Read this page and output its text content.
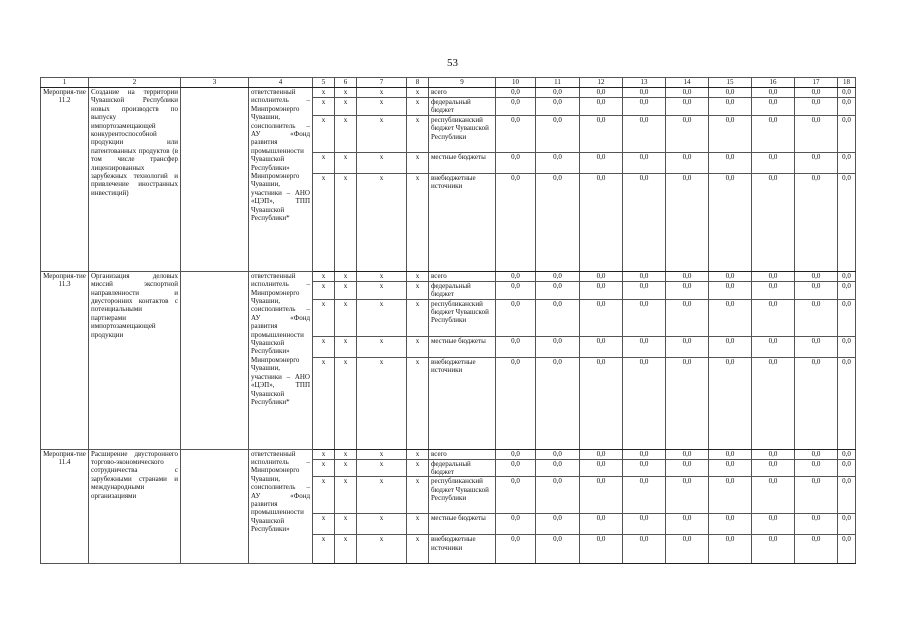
53
1	2	3	4	5	6	7	8	9	10	11	12	13	14	15	16	17	18
Мероприя-тие 11.2	Создание на территории Чувашской Республики новых производств по выпуску импортозамещающей конкурентоспособной продукции или патентованных продуктов (в том числе трансфер лицензированных зарубежных технологий и привлечение иностранных инвестиций)		ответственный исполнитель – Минпромэнерго Чувашии, соисполнитель – АУ «Фонд развития промышленности Чувашской Республики» Минпромэнерго Чувашии, участники – АНО «ЦЭП», ТПП Чувашской Республики*	x	x	x	x	всего	0,0	0,0	0,0	0,0	0,0	0,0	0,0	0,0	0,0
				x	x	x	x	федеральный бюджет	0,0	0,0	0,0	0,0	0,0	0,0	0,0	0,0	0,0
				x	x	x	x	республиканский бюджет Чувашской Республики	0,0	0,0	0,0	0,0	0,0	0,0	0,0	0,0	0,0
				x	x	x	x	местные бюджеты	0,0	0,0	0,0	0,0	0,0	0,0	0,0	0,0	0,0
				x	x	x	x	внебюджетные источники	0,0	0,0	0,0	0,0	0,0	0,0	0,0	0,0	0,0
Мероприя-тие 11.3	Организация деловых миссий экспортной направленности и двусторонних контактов с потенциальными партнерами импортозамещающей продукции		ответственный исполнитель – Минпромэнерго Чувашии, соисполнитель – АУ «Фонд развития промышленности Чувашской Республики» Минпромэнерго Чувашии, участники – АНО «ЦЭП», ТПП Чувашской Республики*	x	x	x	x	всего	0,0	0,0	0,0	0,0	0,0	0,0	0,0	0,0	0,0
				x	x	x	x	федеральный бюджет	0,0	0,0	0,0	0,0	0,0	0,0	0,0	0,0	0,0
				x	x	x	x	республиканский бюджет Чувашской Республики	0,0	0,0	0,0	0,0	0,0	0,0	0,0	0,0	0,0
				x	x	x	x	местные бюджеты	0,0	0,0	0,0	0,0	0,0	0,0	0,0	0,0	0,0
				x	x	x	x	внебюджетные источники	0,0	0,0	0,0	0,0	0,0	0,0	0,0	0,0	0,0
Мероприя-тие 11.4	Расширение двустороннего торгово-экономического сотрудничества с зарубежными странами и международными организациями		ответственный исполнитель – Минпромэнерго Чувашии, соисполнитель – АУ «Фонд развития промышленности Чувашской Республики»	x	x	x	x	всего	0,0	0,0	0,0	0,0	0,0	0,0	0,0	0,0	0,0
				x	x	x	x	федеральный бюджет	0,0	0,0	0,0	0,0	0,0	0,0	0,0	0,0	0,0
				x	x	x	x	республиканский бюджет Чувашской Республики	0,0	0,0	0,0	0,0	0,0	0,0	0,0	0,0	0,0
				x	x	x	x	местные бюджеты	0,0	0,0	0,0	0,0	0,0	0,0	0,0	0,0	0,0
				x	x	x	x	внебюджетные источники	0,0	0,0	0,0	0,0	0,0	0,0	0,0	0,0	0,0
